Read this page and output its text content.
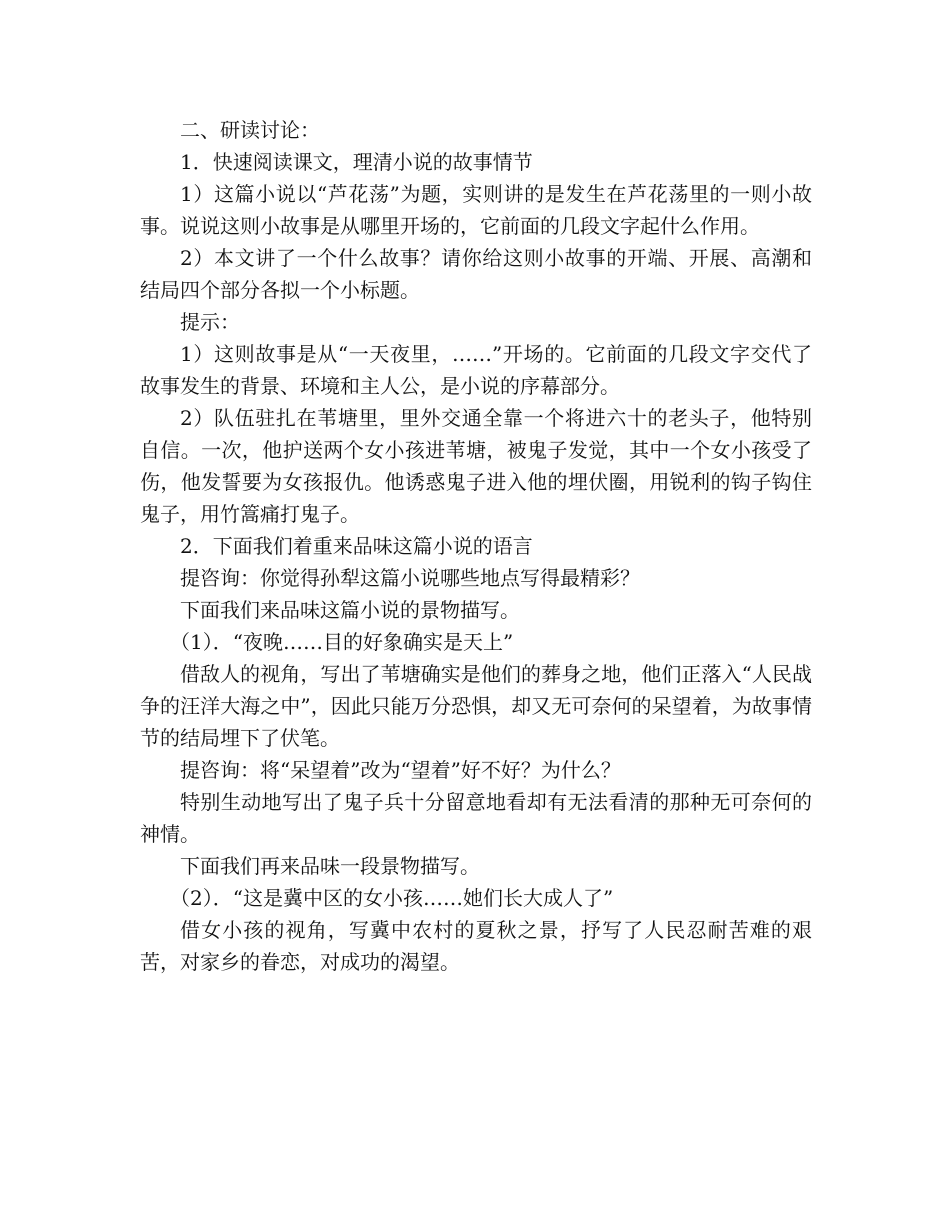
二、研读讨论：

1．快速阅读课文，理清小说的故事情节

1）这篇小说以“芦花荡”为题，实则讲的是发生在芦花荡里的一则小故事。说说这则小故事是从哪里开场的，它前面的几段文字起什么作用。

2）本文讲了一个什么故事？请你给这则小故事的开端、开展、高潮和结局四个部分各拟一个小标题。

提示：

1）这则故事是从“一天夜里，……”开场的。它前面的几段文字交代了故事发生的背景、环境和主人公，是小说的序幕部分。

2）队伍驻扎在苇塘里，里外交通全靠一个将进六十的老头子，他特别自信。一次，他护送两个女小孩进苇塘，被鬼子发觉，其中一个女小孩受了伤，他发誓要为女孩报仇。他诱惑鬼子进入他的埋伏圈，用锐利的钩子钩住鬼子，用竹篙痛打鬼子。

2．下面我们着重来品味这篇小说的语言

提咨询：你觉得孙犁这篇小说哪些地点写得最精彩？

下面我们来品味这篇小说的景物描写。

（1）．“夜晚……目的好象确实是天上”

借敌人的视角，写出了苇塘确实是他们的葬身之地，他们正落入“人民战争的汪洋大海之中”，因此只能万分恐惧，却又无可奈何的呆望着，为故事情节的结局埋下了伏笔。

提咨询：将“呆望着”改为“望着”好不好？为什么？

特别生动地写出了鬼子兵十分留意地看却有无法看清的那种无可奈何的神情。

下面我们再来品味一段景物描写。

（2）．“这是冀中区的女小孩……她们长大成人了”

借女小孩的视角，写冀中农村的夏秋之景，抒写了人民忍耐苦难的艰苦，对家乡的眷恋，对成功的渴望。
